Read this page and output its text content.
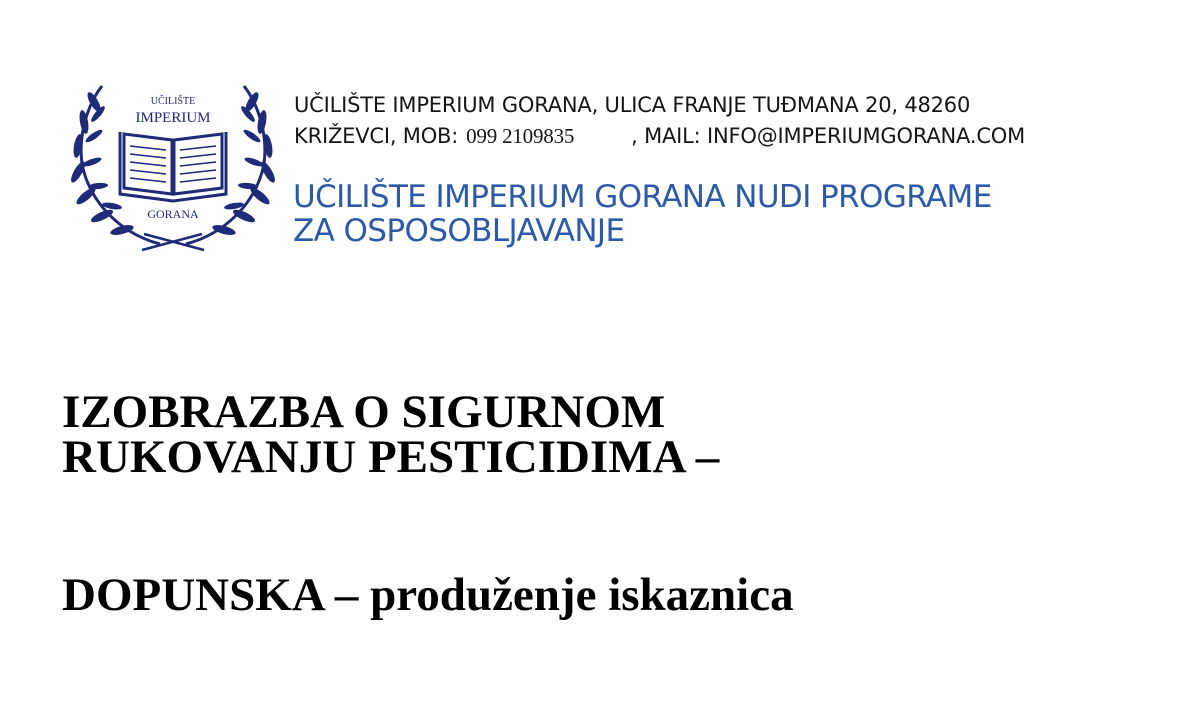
UČILIŠTE
IMPERIUM
GORANA
UČILIŠTE IMPERIUM GORANA, ULICA FRANJE TUĐMANA 20, 48260
KRIŽEVCI, MOB: 099 2109835	, MAIL: INFO@IMPERIUMGORANA.COM
UČILIŠTE IMPERIUM GORANA NUDI PROGRAME
ZA OSPOSOBLJAVANJE
IZOBRAZBA O SIGURNOM
RUKOVANJU PESTICIDIMA –
DOPUNSKA – produženje iskaznica
